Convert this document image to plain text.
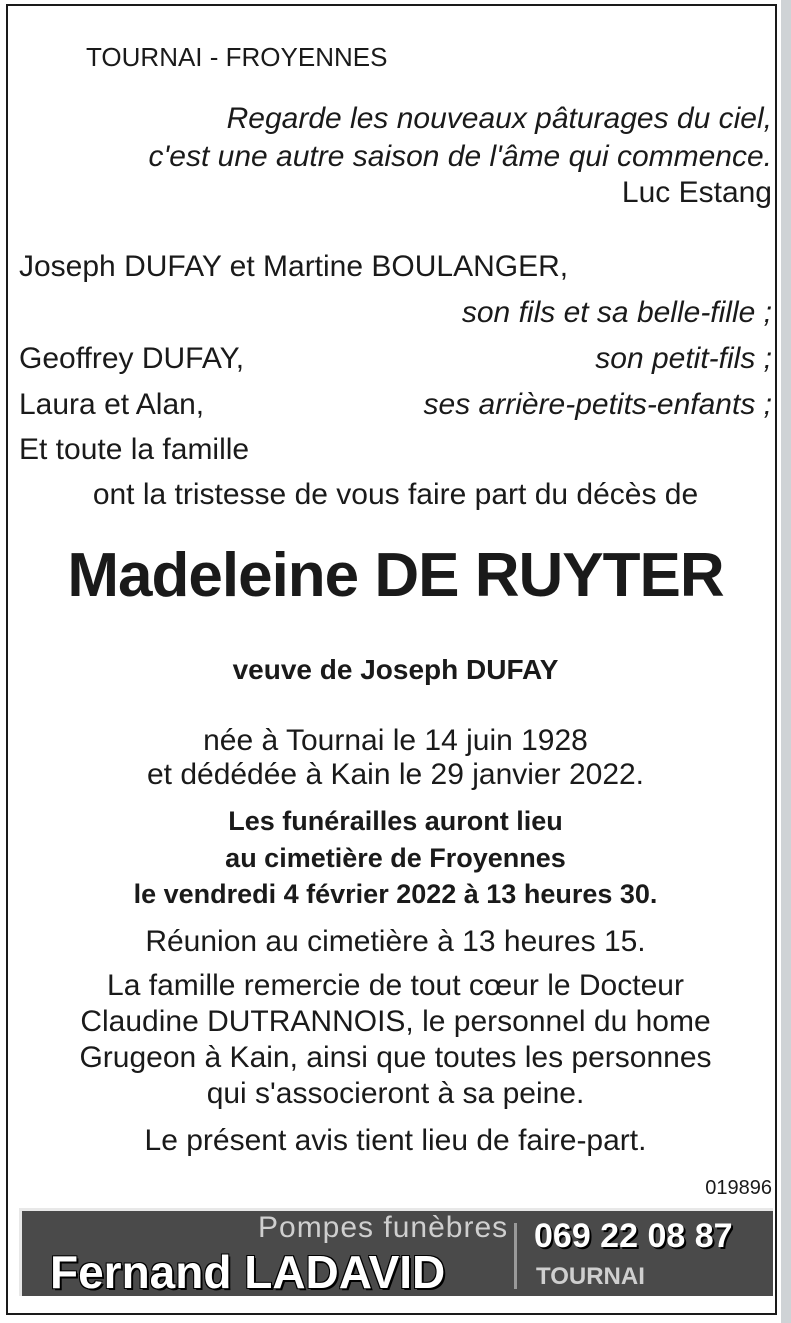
TOURNAI - FROYENNES
Regarde les nouveaux pâturages du ciel,
c'est une autre saison de l'âme qui commence.
Luc Estang
Joseph DUFAY et Martine BOULANGER,
son fils et sa belle-fille ;
Geoffrey DUFAY,	son petit-fils ;
Laura et Alan,	ses arrière-petits-enfants ;
Et toute la famille
ont la tristesse de vous faire part du décès de
Madeleine DE RUYTER
veuve de Joseph DUFAY
née à Tournai le 14 juin 1928
et dédédée à Kain le 29 janvier 2022.
Les funérailles auront lieu
au cimetière de Froyennes
le vendredi 4 février 2022 à 13 heures 30.
Réunion au cimetière à 13 heures 15.
La famille remercie de tout cœur le Docteur
Claudine DUTRANNOIS, le personnel du home
Grugeon à Kain, ainsi que toutes les personnes
qui s'associeront à sa peine.
Le présent avis tient lieu de faire-part.
019896
Pompes funèbres
Fernand LADAVID
069 22 08 87
TOURNAI
